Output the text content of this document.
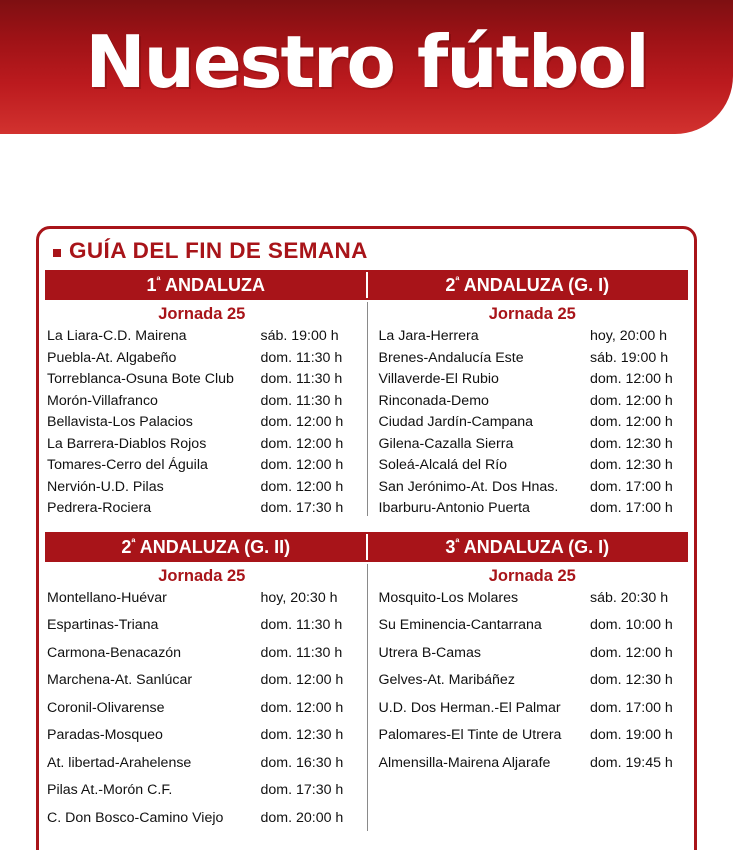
Nuestro fútbol
GUÍA DEL FIN DE SEMANA
$1^ª$ ANDALUZA	$2^ª$ ANDALUZA (G. I)
Jornada 25
La Liara-C.D. Mairena	sáb. 19:00 h
Puebla-At. Algabeño	dom. 11:30 h
Torreblanca-Osuna Bote Club	dom. 11:30 h
Morón-Villafranco	dom. 11:30 h
Bellavista-Los Palacios	dom. 12:00 h
La Barrera-Diablos Rojos	dom. 12:00 h
Tomares-Cerro del Águila	dom. 12:00 h
Nervión-U.D. Pilas	dom. 12:00 h
Pedrera-Rociera	dom. 17:30 h
Jornada 25
La Jara-Herrera	hoy, 20:00 h
Brenes-Andalucía Este	sáb. 19:00 h
Villaverde-El Rubio	dom. 12:00 h
Rinconada-Demo	dom. 12:00 h
Ciudad Jardín-Campana	dom. 12:00 h
Gilena-Cazalla Sierra	dom. 12:30 h
Soleá-Alcalá del Río	dom. 12:30 h
San Jerónimo-At. Dos Hnas.	dom. 17:00 h
Ibarburu-Antonio Puerta	dom. 17:00 h
$2^ª$ ANDALUZA (G. II)	$3^ª$ ANDALUZA (G. I)
Jornada 25
Montellano-Huévar	hoy, 20:30 h
Espartinas-Triana	dom. 11:30 h
Carmona-Benacazón	dom. 11:30 h
Marchena-At. Sanlúcar	dom. 12:00 h
Coronil-Olivarense	dom. 12:00 h
Paradas-Mosqueo	dom. 12:30 h
At. libertad-Arahelense	dom. 16:30 h
Pilas At.-Morón C.F.	dom. 17:30 h
C. Don Bosco-Camino Viejo	dom. 20:00 h
Jornada 25
Mosquito-Los Molares	sáb. 20:30 h
Su Eminencia-Cantarrana	dom. 10:00 h
Utrera B-Camas	dom. 12:00 h
Gelves-At. Maribáñez	dom. 12:30 h
U.D. Dos Herman.-El Palmar	dom. 17:00 h
Palomares-El Tinte de Utrera	dom. 19:00 h
Almensilla-Mairena Aljarafe	dom. 19:45 h
